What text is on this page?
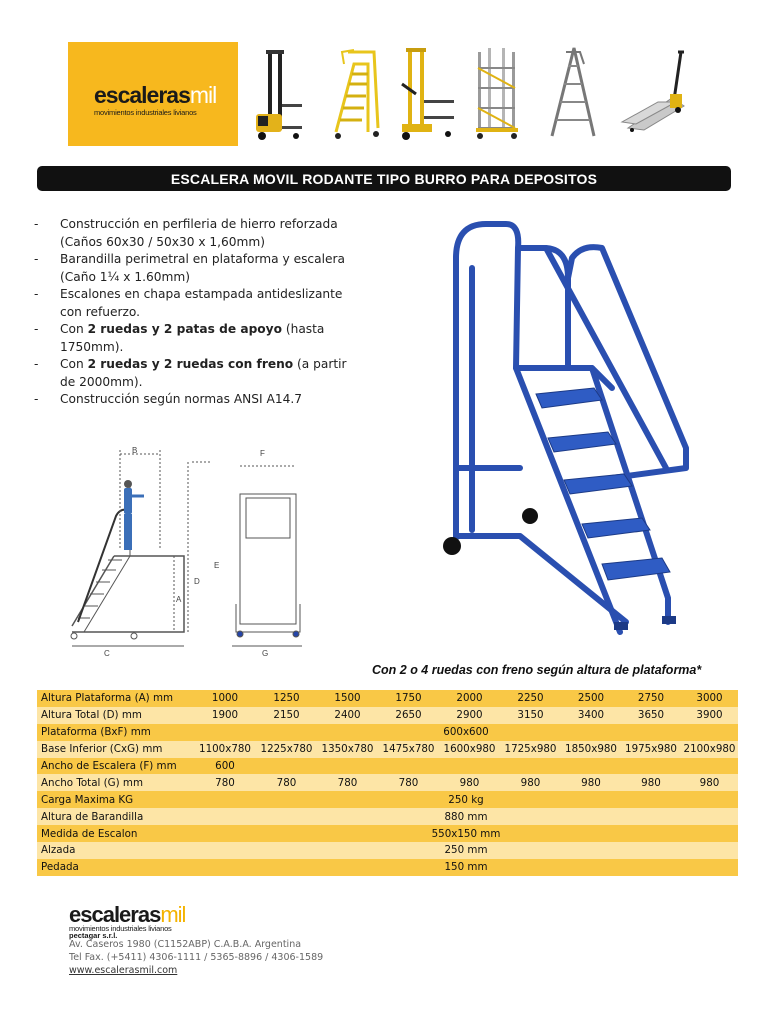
escalerasmil
movimientos industriales livianos
ESCALERA MOVIL RODANTE TIPO BURRO PARA DEPOSITOS
- Construcción en perfileria de hierro reforzada (Caños 60x30 / 50x30 x 1,60mm)
- Barandilla perimetral en plataforma y escalera (Caño 1¼ x 1.60mm)
- Escalones en chapa estampada antideslizante con refuerzo.
- Con 2 ruedas y 2 patas de apoyo (hasta 1750mm).
- Con 2 ruedas y 2 ruedas con freno (a partir de 2000mm).
- Construcción según normas ANSI A14.7
B	F
E
D
A
C	G
Con 2 o 4 ruedas con freno según altura de plataforma*
Altura Plataforma (A) mm	1000	1250	1500	1750	2000	2250	2500	2750	3000
Altura Total (D) mm	1900	2150	2400	2650	2900	3150	3400	3650	3900
Plataforma (BxF) mm	600x600								
Base Inferior (CxG) mm	1100x780	1225x780	1350x780	1475x780	1600x980	1725x980	1850x980	1975x980	2100x980
Ancho de Escalera (F) mm	600								
Ancho Total (G) mm	780	780	780	780	980	980	980	980	980
Carga Maxima KG	250 kg								
Altura de Barandilla	880 mm								
Medida de Escalon	550x150 mm								
Alzada	250 mm								
Pedada	150 mm								
escalerasmil
movimientos industriales livianos
pectagar s.r.l.
Av. Caseros 1980 (C1152ABP) C.A.B.A. Argentina
Tel Fax. (+5411) 4306-1111 / 5365-8896 / 4306-1589
www.escalerasmil.com
